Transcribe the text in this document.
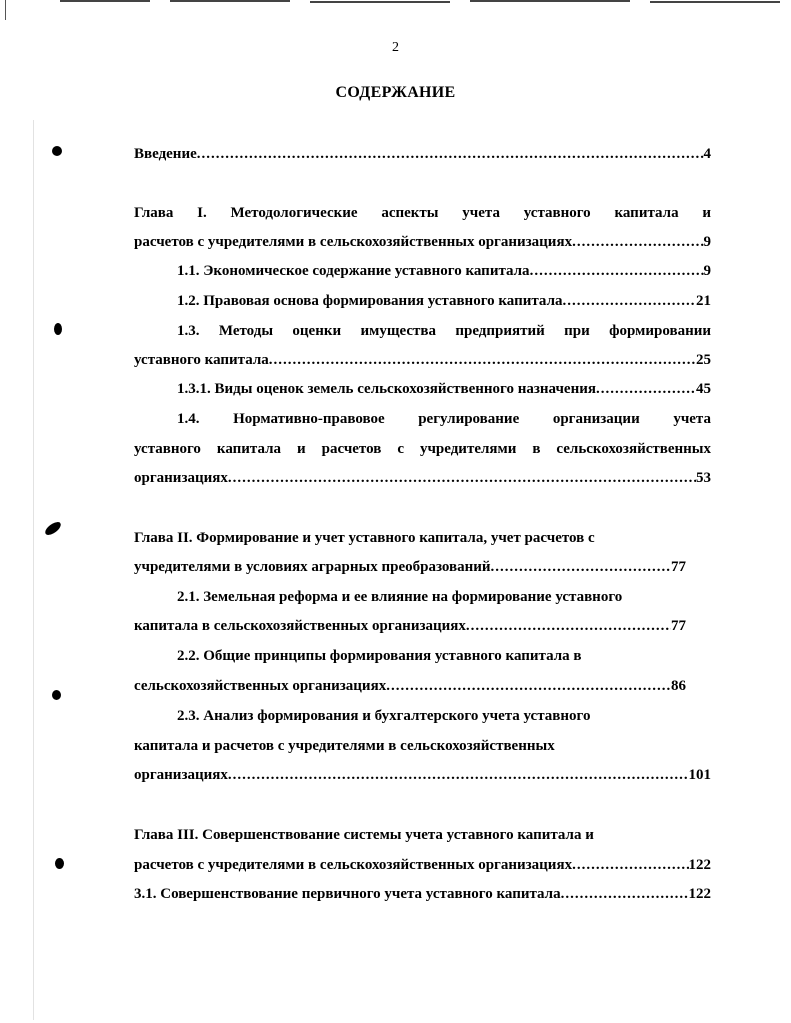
2
СОДЕРЖАНИЕ
Введение .....	4
Глава I. Методологические аспекты учета уставного капитала и
расчетов с учредителями в сельскохозяйственных организациях .....	9
1.1. Экономическое содержание уставного капитала .....	9
1.2. Правовая основа формирования уставного капитала .....	21
1.3. Методы оценки имущества предприятий при формировании
уставного капитала .....	25
1.3.1. Виды оценок земель сельскохозяйственного назначения .....	45
1.4. Нормативно-правовое регулирование организации учета
уставного капитала и расчетов с учредителями в сельскохозяйственных
организациях .....	53
Глава II. Формирование и учет уставного капитала, учет расчетов с
учредителями в условиях аграрных преобразований .....	77
2.1. Земельная реформа и ее влияние на формирование уставного
капитала в сельскохозяйственных организациях .....	77
2.2. Общие принципы формирования уставного капитала в
сельскохозяйственных организациях .....	86
2.3. Анализ формирования и бухгалтерского учета уставного
капитала и расчетов с учредителями в сельскохозяйственных
организациях .....	101
Глава III. Совершенствование системы учета уставного капитала и
расчетов с учредителями в сельскохозяйственных организациях .....	122
3.1. Совершенствование первичного учета уставного капитала .....	122
